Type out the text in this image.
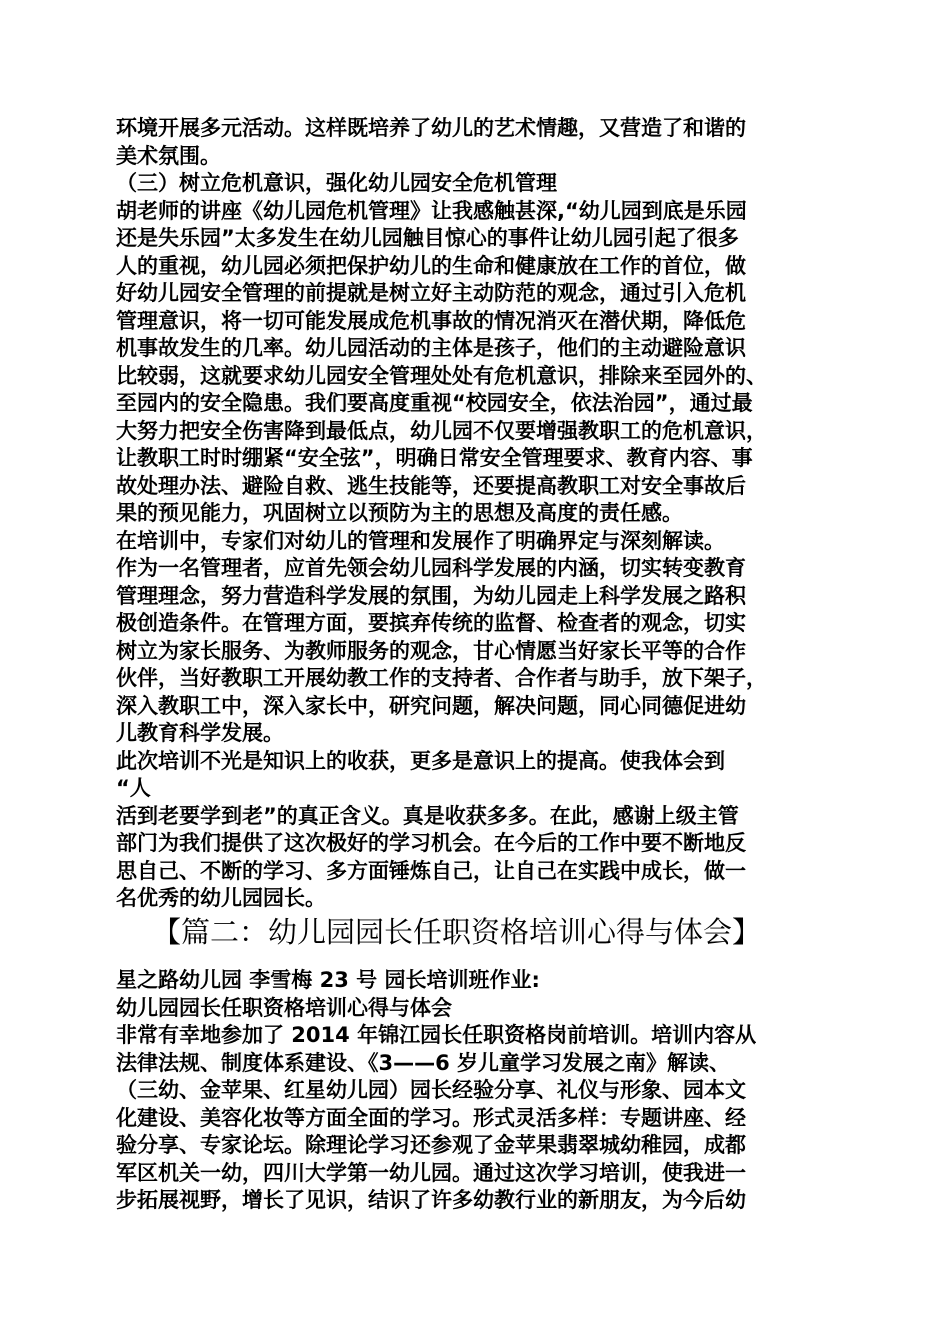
环境开展多元活动。这样既培养了幼儿的艺术情趣，又营造了和谐的
美术氛围。
（三）树立危机意识，强化幼儿园安全危机管理
胡老师的讲座《幼儿园危机管理》让我感触甚深,“幼儿园到底是乐园
还是失乐园”太多发生在幼儿园触目惊心的事件让幼儿园引起了很多
人的重视，幼儿园必须把保护幼儿的生命和健康放在工作的首位，做
好幼儿园安全管理的前提就是树立好主动防范的观念，通过引入危机
管理意识，将一切可能发展成危机事故的情况消灭在潜伏期，降低危
机事故发生的几率。幼儿园活动的主体是孩子，他们的主动避险意识
比较弱，这就要求幼儿园安全管理处处有危机意识，排除来至园外的、
至园内的安全隐患。我们要高度重视“校园安全，依法治园”，通过最
大努力把安全伤害降到最低点，幼儿园不仅要增强教职工的危机意识，
让教职工时时绷紧“安全弦”，明确日常安全管理要求、教育内容、事
故处理办法、避险自救、逃生技能等，还要提高教职工对安全事故后
果的预见能力，巩固树立以预防为主的思想及高度的责任感。
在培训中，专家们对幼儿的管理和发展作了明确界定与深刻解读。
作为一名管理者，应首先领会幼儿园科学发展的内涵，切实转变教育
管理理念，努力营造科学发展的氛围，为幼儿园走上科学发展之路积
极创造条件。在管理方面，要摈弃传统的监督、检查者的观念，切实
树立为家长服务、为教师服务的观念，甘心情愿当好家长平等的合作
伙伴，当好教职工开展幼教工作的支持者、合作者与助手，放下架子，
深入教职工中，深入家长中，研究问题，解决问题，同心同德促进幼
儿教育科学发展。
此次培训不光是知识上的收获，更多是意识上的提高。使我体会到
“人
活到老要学到老”的真正含义。真是收获多多。在此，感谢上级主管
部门为我们提供了这次极好的学习机会。在今后的工作中要不断地反
思自己、不断的学习、多方面锤炼自己，让自己在实践中成长，做一
名优秀的幼儿园园长。
【篇二：幼儿园园长任职资格培训心得与体会】
星之路幼儿园 李雪梅 23 号 园长培训班作业:
幼儿园园长任职资格培训心得与体会
非常有幸地参加了 2014 年锦江园长任职资格岗前培训。培训内容从
法律法规、制度体系建设、《3——6 岁儿童学习发展之南》解读、
（三幼、金苹果、红星幼儿园）园长经验分享、礼仪与形象、园本文
化建设、美容化妆等方面全面的学习。形式灵活多样：专题讲座、经
验分享、专家论坛。除理论学习还参观了金苹果翡翠城幼稚园，成都
军区机关一幼，四川大学第一幼儿园。通过这次学习培训，使我进一
步拓展视野，增长了见识，结识了许多幼教行业的新朋友，为今后幼
